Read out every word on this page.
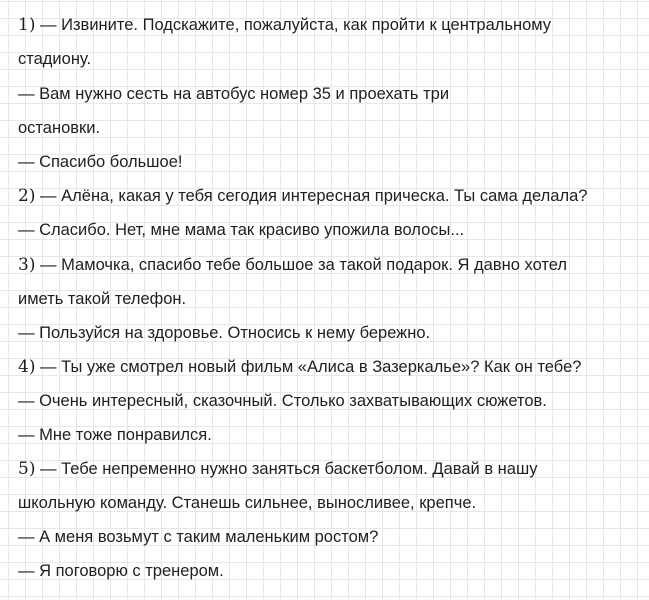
1) — Извините. Подскажите, пожалуйста, как пройти к центральному
стадиону.
— Вам нужно сесть на автобус номер 35 и проехать три
остановки.
— Спасибо большое!
2) — Алёна, какая у тебя сегодия интересная прическа. Ты сама делала?
— Слaсибо. Нет, мне мама так красиво упожила волосы...
3) — Мамочка, спасибо тебе большое за такой подарок. Я давно хотел
иметь такой телефон.
— Пользуйся на здоровье. Относись к нему бережно.
4) — Ты уже смотрел новый фильм «Алиса в Зазеркалье»? Как он тебе?
— Очень интересный, сказочный. Столько захватывающих сюжетов.
— Мне тоже понравился.
5) — Тебе непременно нужно заняться баскетболом. Давай в нашу
школьную команду. Станешь сильнее, выносливее, крепче.
— А меня возьмут с таким маленьким ростом?
— Я поговорю с тренером.
